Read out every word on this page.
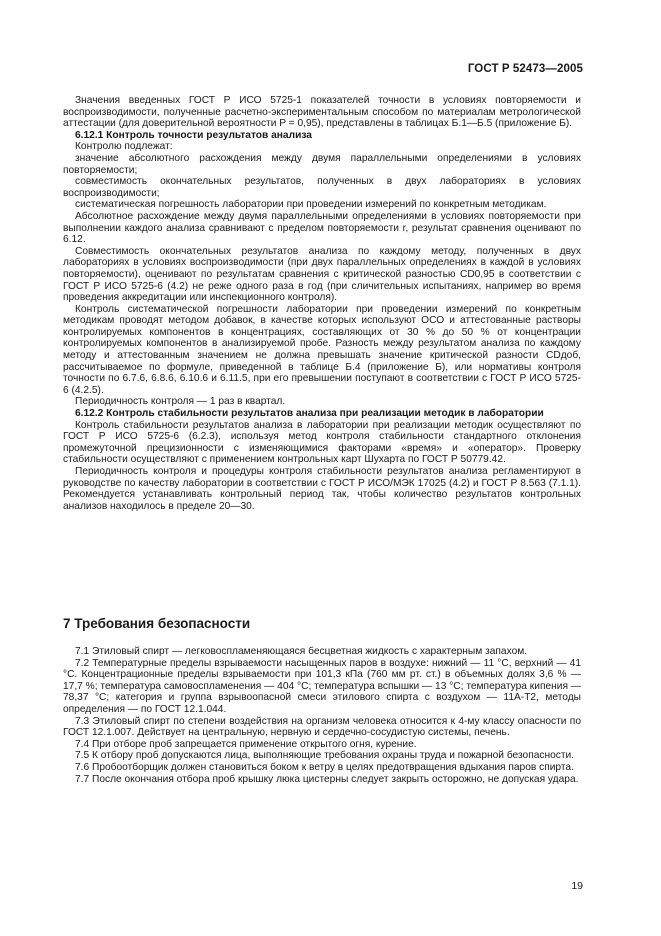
ГОСТ Р 52473—2005

Значения введенных ГОСТ Р ИСО 5725-1 показателей точности в условиях повторяемости и воспроизводимости, полученные расчетно-экспериментальным способом по материалам метрологической аттестации (для доверительной вероятности P = 0,95), представлены в таблицах Б.1—Б.5 (приложение Б).

6.12.1 Контроль точности результатов анализа

Контролю подлежат:

значение абсолютного расхождения между двумя параллельными определениями в условиях повторяемости;

совместимость окончательных результатов, полученных в двух лабораториях в условиях воспроизводимости;

систематическая погрешность лаборатории при проведении измерений по конкретным методикам.

Абсолютное расхождение между двумя параллельными определениями в условиях повторяемости при выполнении каждого анализа сравнивают с пределом повторяемости r, результат сравнения оценивают по 6.12.

Совместимость окончательных результатов анализа по каждому методу, полученных в двух лабораториях в условиях воспроизводимости (при двух параллельных определениях в каждой в условиях повторяемости), оценивают по результатам сравнения с критической разностью CD0,95 в соответствии с ГОСТ Р ИСО 5725-6 (4.2) не реже одного раза в год (при сличительных испытаниях, например во время проведения аккредитации или инспекционного контроля).

Контроль систематической погрешности лаборатории при проведении измерений по конкретным методикам проводят методом добавок, в качестве которых используют ОСО и аттестованные растворы контролируемых компонентов в концентрациях, составляющих от 30 % до 50 % от концентрации контролируемых компонентов в анализируемой пробе. Разность между результатом анализа по каждому методу и аттестованным значением не должна превышать значение критической разности CDдоб, рассчитываемое по формуле, приведенной в таблице Б.4 (приложение Б), или нормативы контроля точности по 6.7.6, 6.8.6, 6.10.6 и 6.11.5, при его превышении поступают в соответствии с ГОСТ Р ИСО 5725-6 (4.2.5).

Периодичность контроля — 1 раз в квартал.

6.12.2 Контроль стабильности результатов анализа при реализации методик в лаборатории

Контроль стабильности результатов анализа в лаборатории при реализации методик осуществляют по ГОСТ Р ИСО 5725-6 (6.2.3), используя метод контроля стабильности стандартного отклонения промежуточной прецизионности с изменяющимися факторами «время» и «оператор». Проверку стабильности осуществляют с применением контрольных карт Шухарта по ГОСТ Р 50779.42.

Периодичность контроля и процедуры контроля стабильности результатов анализа регламентируют в руководстве по качеству лаборатории в соответствии с ГОСТ Р ИСО/МЭК 17025 (4.2) и ГОСТ Р 8.563 (7.1.1). Рекомендуется устанавливать контрольный период так, чтобы количество результатов контрольных анализов находилось в пределе 20—30.

7 Требования безопасности

7.1 Этиловый спирт — легковоспламеняющаяся бесцветная жидкость с характерным запахом.

7.2 Температурные пределы взрываемости насыщенных паров в воздухе: нижний — 11 °С, верхний — 41 °С. Концентрационные пределы взрываемости при 101,3 кПа (760 мм рт. ст.) в объемных долях 3,6 % — 17,7 %; температура самовоспламенения — 404 °С; температура вспышки — 13 °С; температура кипения — 78,37 °С; категория и группа взрывоопасной смеси этилового спирта с воздухом — 11А-Т2, методы определения — по ГОСТ 12.1.044.

7.3 Этиловый спирт по степени воздействия на организм человека относится к 4-му классу опасности по ГОСТ 12.1.007. Действует на центральную, нервную и сердечно-сосудистую системы, печень.

7.4 При отборе проб запрещается применение открытого огня, курение.

7.5 К отбору проб допускаются лица, выполняющие требования охраны труда и пожарной безопасности.

7.6 Пробоотборщик должен становиться боком к ветру в целях предотвращения вдыхания паров спирта.

7.7 После окончания отбора проб крышку люка цистерны следует закрыть осторожно, не допуская удара.

19
